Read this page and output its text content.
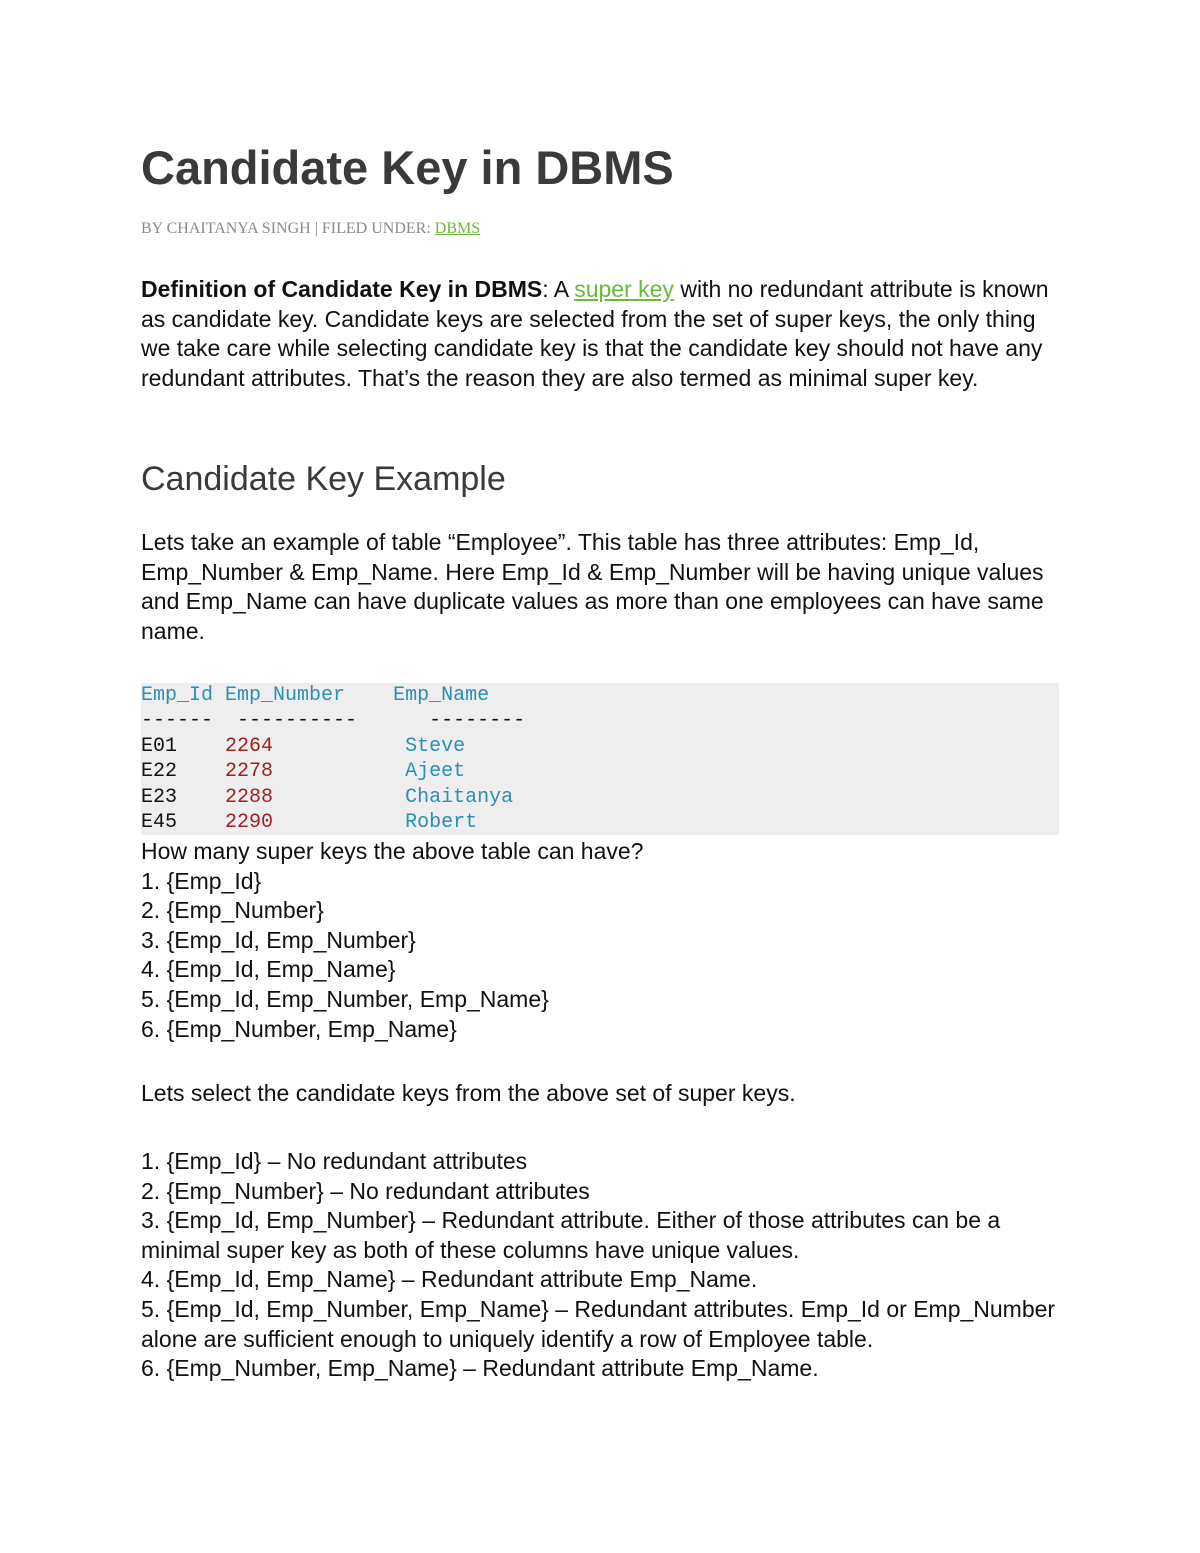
Candidate Key in DBMS
BY CHAITANYA SINGH | FILED UNDER: DBMS

Definition of Candidate Key in DBMS: A super key with no redundant attribute is known as candidate key. Candidate keys are selected from the set of super keys, the only thing we take care while selecting candidate key is that the candidate key should not have any redundant attributes. That’s the reason they are also termed as minimal super key.

Candidate Key Example

Lets take an example of table “Employee”. This table has three attributes: Emp_Id, Emp_Number & Emp_Name. Here Emp_Id & Emp_Number will be having unique values and Emp_Name can have duplicate values as more than one employees can have same name.

Emp_Id Emp_Number Emp_Name
------ ----------	--------
E01 2264	Steve
E22 2278	Ajeet
E23 2288	Chaitanya
E45 2290	Robert
How many super keys the above table can have?
1. {Emp_Id}
2. {Emp_Number}
3. {Emp_Id, Emp_Number}
4. {Emp_Id, Emp_Name}
5. {Emp_Id, Emp_Number, Emp_Name}
6. {Emp_Number, Emp_Name}

Lets select the candidate keys from the above set of super keys.

1. {Emp_Id} – No redundant attributes
2. {Emp_Number} – No redundant attributes
3. {Emp_Id, Emp_Number} – Redundant attribute. Either of those attributes can be a minimal super key as both of these columns have unique values.
4. {Emp_Id, Emp_Name} – Redundant attribute Emp_Name.
5. {Emp_Id, Emp_Number, Emp_Name} – Redundant attributes. Emp_Id or Emp_Number alone are sufficient enough to uniquely identify a row of Employee table.
6. {Emp_Number, Emp_Name} – Redundant attribute Emp_Name.
